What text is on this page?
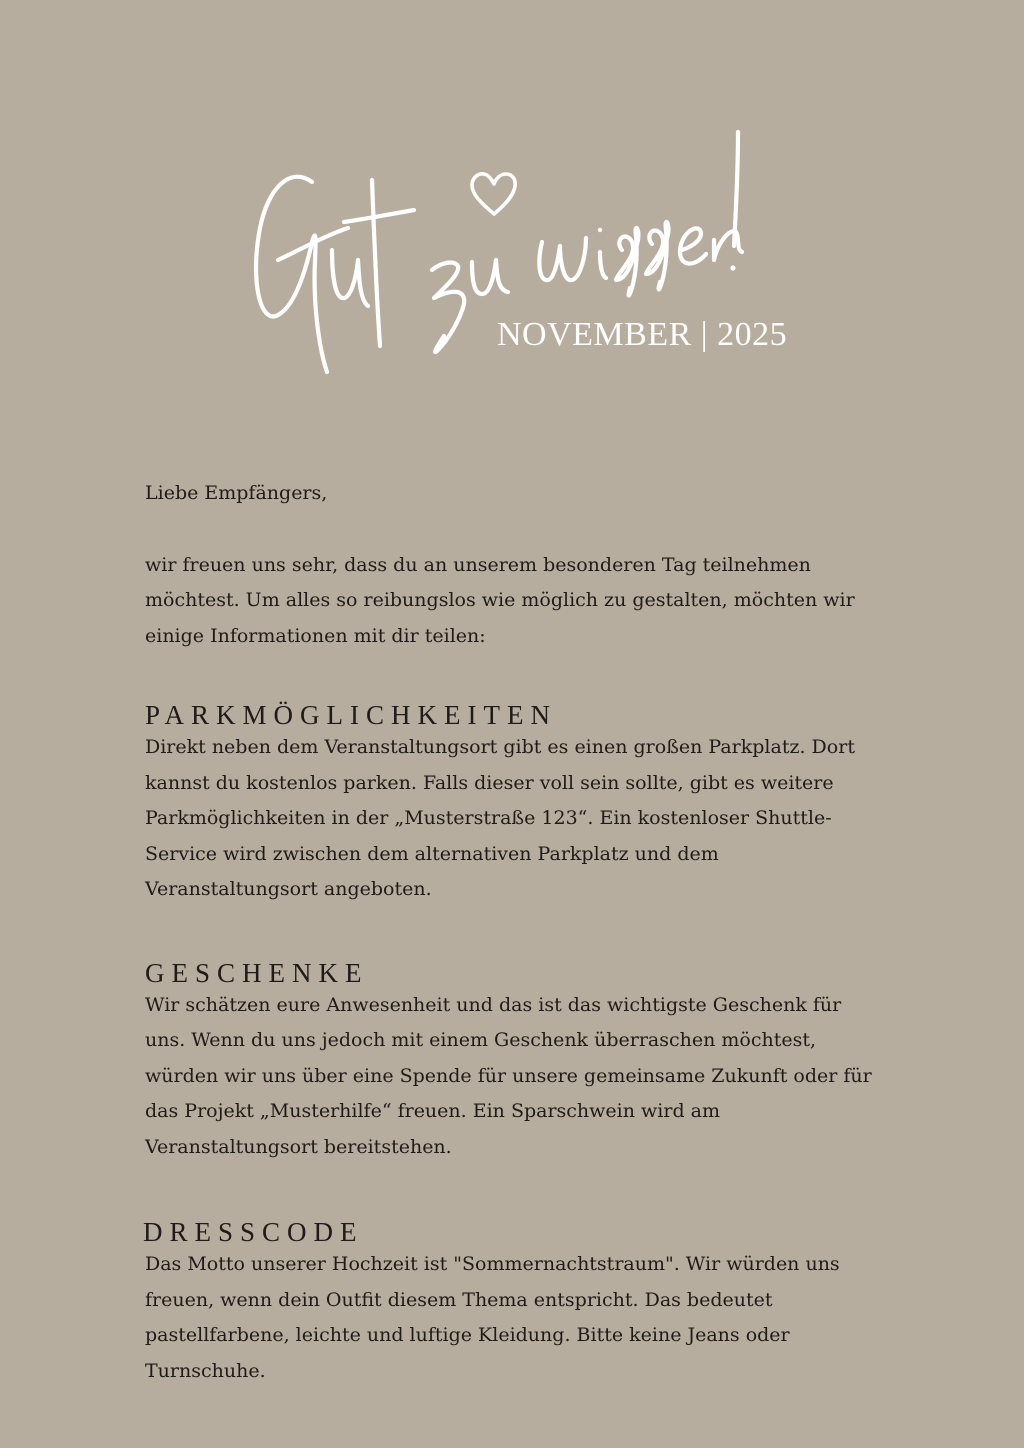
NOVEMBER | 2025

Liebe Empfängers,

wir freuen uns sehr, dass du an unserem besonderen Tag teilnehmen möchtest. Um alles so reibungslos wie möglich zu gestalten, möchten wir einige Informationen mit dir teilen:

PARKMÖGLICHKEITEN

Direkt neben dem Veranstaltungsort gibt es einen großen Parkplatz. Dort kannst du kostenlos parken. Falls dieser voll sein sollte, gibt es weitere Parkmöglichkeiten in der „Musterstraße 123“. Ein kostenloser Shuttle-Service wird zwischen dem alternativen Parkplatz und dem Veranstaltungsort angeboten.

GESCHENKE

Wir schätzen eure Anwesenheit und das ist das wichtigste Geschenk für uns. Wenn du uns jedoch mit einem Geschenk überraschen möchtest, würden wir uns über eine Spende für unsere gemeinsame Zukunft oder für das Projekt „Musterhilfe“ freuen. Ein Sparschwein wird am Veranstaltungsort bereitstehen.

DRESSCODE

Das Motto unserer Hochzeit ist "Sommernachtstraum". Wir würden uns freuen, wenn dein Outfit diesem Thema entspricht. Das bedeutet pastellfarbene, leichte und luftige Kleidung. Bitte keine Jeans oder Turnschuhe.
